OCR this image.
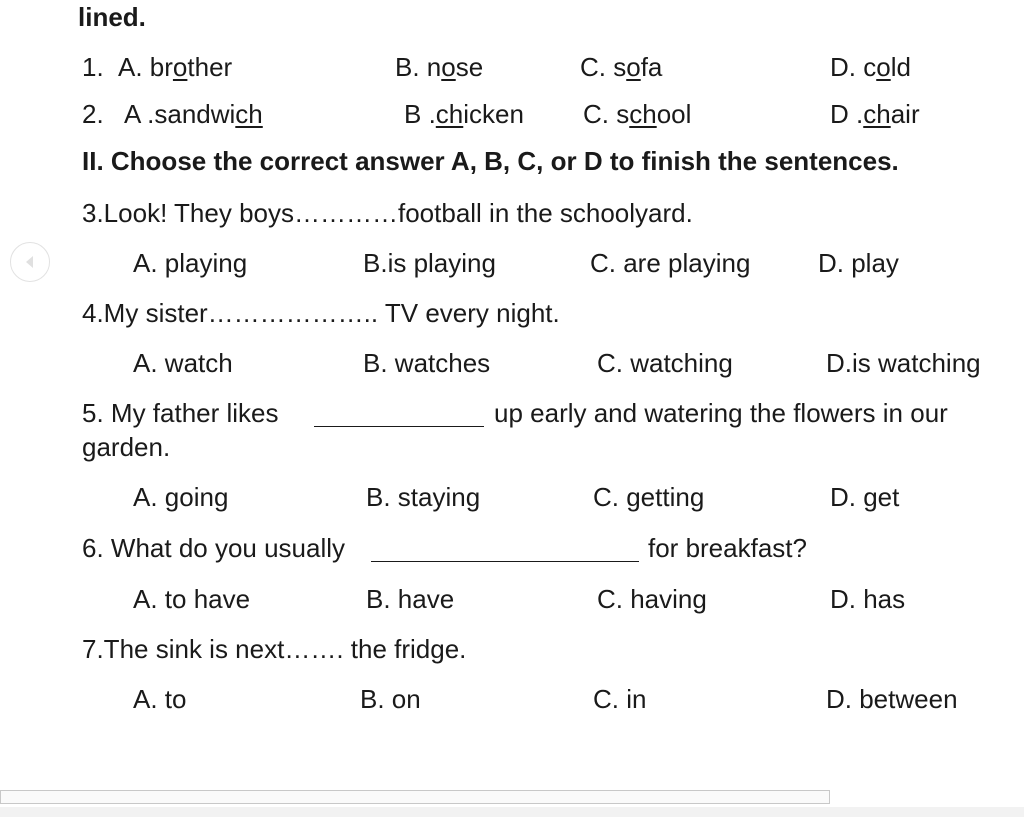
lined.
1. A. brother	B. nose	C. sofa	D. cold
2. A .sandwich	B .chicken C. school	D .chair
II. Choose the correct answer A, B, C, or D to finish the sentences.
3.Look! They boys…………football in the schoolyard.
A. playing	B.is playing	C. are playing	D. play
4.My sister……………….. TV every night.
A. watch	B. watches	C. watching	D.is watching
5. My father likes	up early and watering the flowers in our
garden.
A. going	B. staying	C. getting	D. get
6. What do you usually	for breakfast?
A. to have	B. have	C. having	D. has
7.The sink is next……. the fridge.
A. to	B. on	C. in	D. between
